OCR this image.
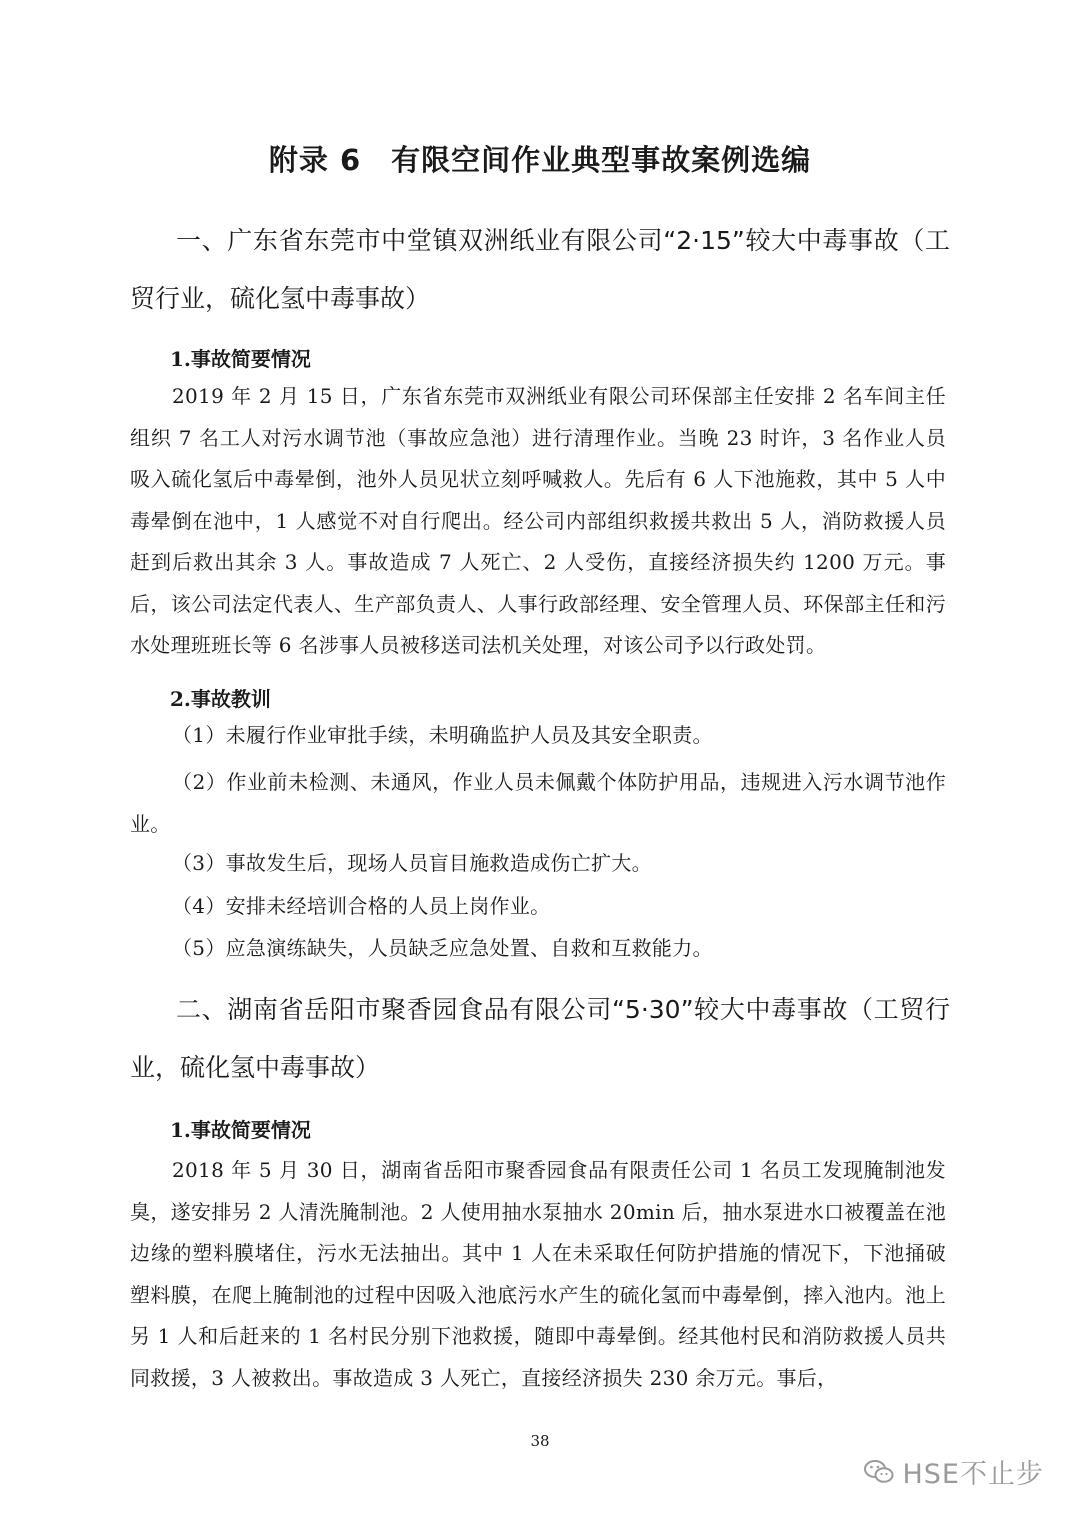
附录 6　有限空间作业典型事故案例选编
一、广东省东莞市中堂镇双洲纸业有限公司“2·15”较大中毒事故（工贸行业，硫化氢中毒事故）
1.事故简要情况

2019 年 2 月 15 日，广东省东莞市双洲纸业有限公司环保部主任安排 2 名车间主任组织 7 名工人对污水调节池（事故应急池）进行清理作业。当晚 23 时许，3 名作业人员吸入硫化氢后中毒晕倒，池外人员见状立刻呼喊救人。先后有 6 人下池施救，其中 5 人中毒晕倒在池中，1 人感觉不对自行爬出。经公司内部组织救援共救出 5 人，消防救援人员赶到后救出其余 3 人。事故造成 7 人死亡、2 人受伤，直接经济损失约 1200 万元。事后，该公司法定代表人、生产部负责人、人事行政部经理、安全管理人员、环保部主任和污水处理班班长等 6 名涉事人员被移送司法机关处理，对该公司予以行政处罚。

2.事故教训

（1）未履行作业审批手续，未明确监护人员及其安全职责。

（2）作业前未检测、未通风，作业人员未佩戴个体防护用品，违规进入污水调节池作业。

（3）事故发生后，现场人员盲目施救造成伤亡扩大。

（4）安排未经培训合格的人员上岗作业。

（5）应急演练缺失，人员缺乏应急处置、自救和互救能力。

二、湖南省岳阳市聚香园食品有限公司“5·30”较大中毒事故（工贸行业，硫化氢中毒事故）
1.事故简要情况

2018 年 5 月 30 日，湖南省岳阳市聚香园食品有限责任公司 1 名员工发现腌制池发臭，遂安排另 2 人清洗腌制池。2 人使用抽水泵抽水 20min 后，抽水泵进水口被覆盖在池边缘的塑料膜堵住，污水无法抽出。其中 1 人在未采取任何防护措施的情况下，下池捅破塑料膜，在爬上腌制池的过程中因吸入池底污水产生的硫化氢而中毒晕倒，摔入池内。池上另 1 人和后赶来的 1 名村民分别下池救援，随即中毒晕倒。经其他村民和消防救援人员共同救援，3 人被救出。事故造成 3 人死亡，直接经济损失 230 余万元。事后，

38
HSE不止步
